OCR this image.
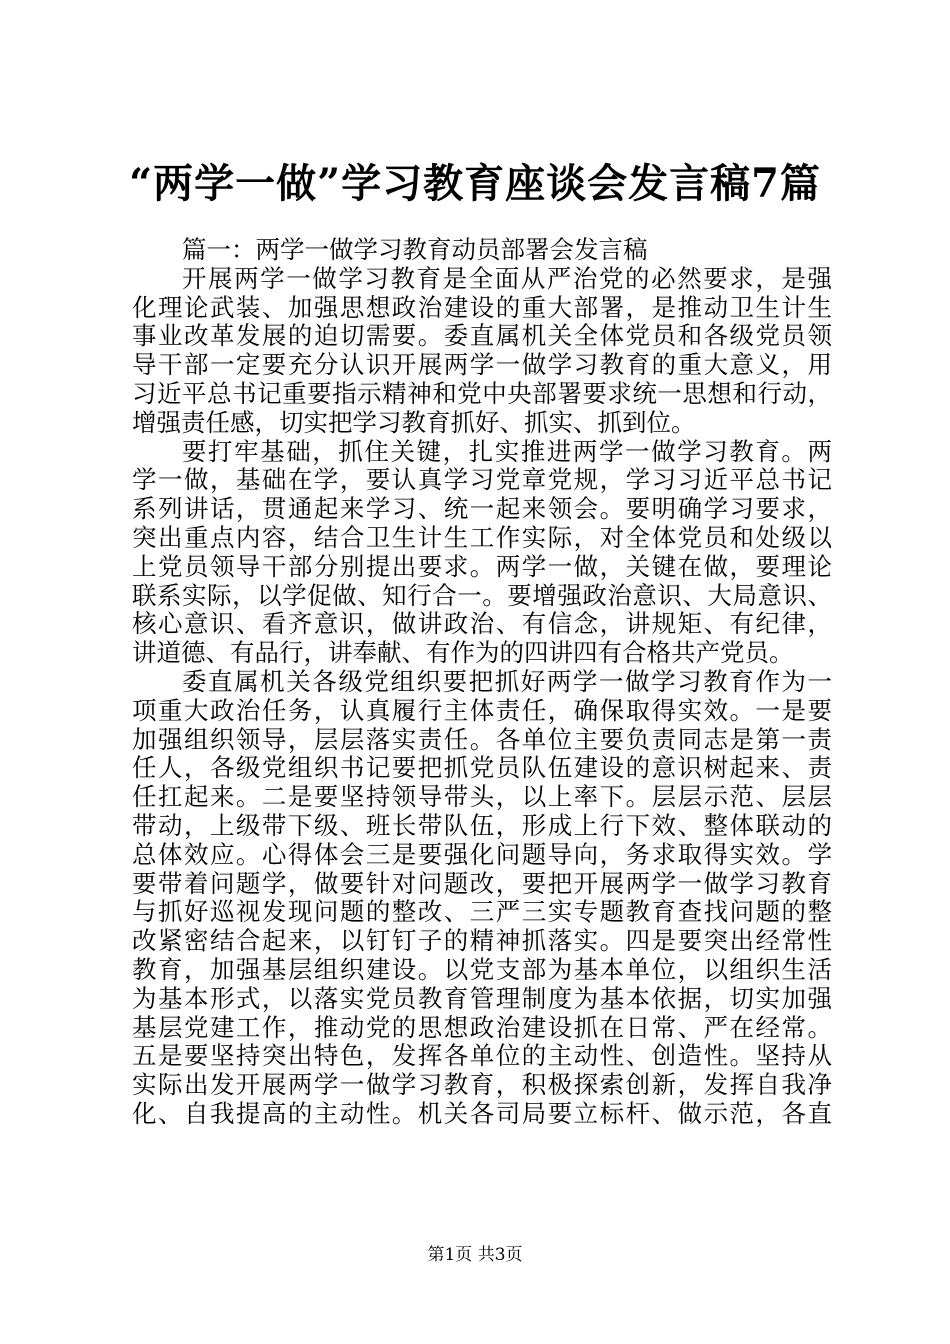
“两学一做”学习教育座谈会发言稿7篇
篇一：两学一做学习教育动员部署会发言稿
开展两学一做学习教育是全面从严治党的必然要求，是强
化理论武装、加强思想政治建设的重大部署，是推动卫生计生
事业改革发展的迫切需要。委直属机关全体党员和各级党员领
导干部一定要充分认识开展两学一做学习教育的重大意义，用
习近平总书记重要指示精神和党中央部署要求统一思想和行动，
增强责任感，切实把学习教育抓好、抓实、抓到位。
要打牢基础，抓住关键，扎实推进两学一做学习教育。两
学一做，基础在学，要认真学习党章党规，学习习近平总书记
系列讲话，贯通起来学习、统一起来领会。要明确学习要求，
突出重点内容，结合卫生计生工作实际，对全体党员和处级以
上党员领导干部分别提出要求。两学一做，关键在做，要理论
联系实际，以学促做、知行合一。要增强政治意识、大局意识、
核心意识、看齐意识，做讲政治、有信念，讲规矩、有纪律，
讲道德、有品行，讲奉献、有作为的四讲四有合格共产党员。
委直属机关各级党组织要把抓好两学一做学习教育作为一
项重大政治任务，认真履行主体责任，确保取得实效。一是要
加强组织领导，层层落实责任。各单位主要负责同志是第一责
任人，各级党组织书记要把抓党员队伍建设的意识树起来、责
任扛起来。二是要坚持领导带头，以上率下。层层示范、层层
带动，上级带下级、班长带队伍，形成上行下效、整体联动的
总体效应。心得体会三是要强化问题导向，务求取得实效。学
要带着问题学，做要针对问题改，要把开展两学一做学习教育
与抓好巡视发现问题的整改、三严三实专题教育查找问题的整
改紧密结合起来，以钉钉子的精神抓落实。四是要突出经常性
教育，加强基层组织建设。以党支部为基本单位，以组织生活
为基本形式，以落实党员教育管理制度为基本依据，切实加强
基层党建工作，推动党的思想政治建设抓在日常、严在经常。
五是要坚持突出特色，发挥各单位的主动性、创造性。坚持从
实际出发开展两学一做学习教育，积极探索创新，发挥自我净
化、自我提高的主动性。机关各司局要立标杆、做示范，各直
第1页 共3页
